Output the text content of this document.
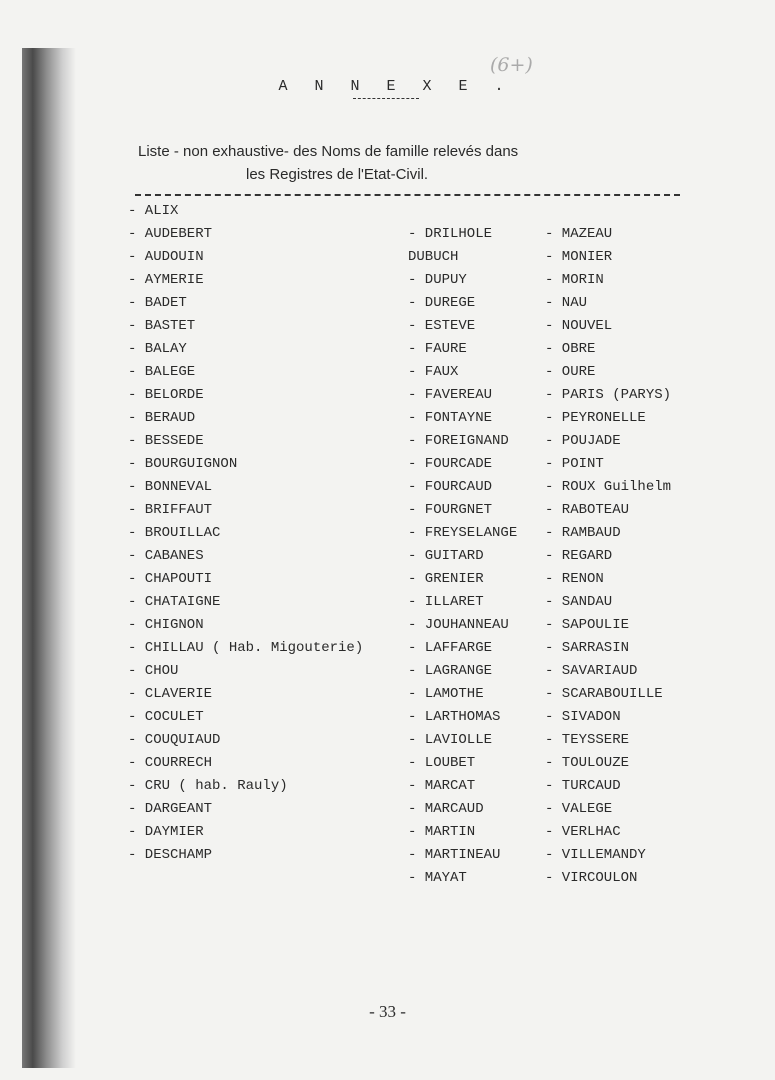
(6+)
A N N E X E .
Liste - non exhaustive- des Noms de famille relevés dans
les Registres de l'Etat-Civil.
- ALIX
- AUDEBERT
- AUDOUIN
- AYMERIE
- BADET
- BASTET
- BALAY
- BALEGE
- BELORDE
- BERAUD
- BESSEDE
- BOURGUIGNON
- BONNEVAL
- BRIFFAUT
- BROUILLAC
- CABANES
- CHAPOUTI
- CHATAIGNE
- CHIGNON
- CHILLAU ( Hab. Migouterie)
- CHOU
- CLAVERIE
- COCULET
- COUQUIAUD
- COURRECH
- CRU ( hab. Rauly)
- DARGEANT
- DAYMIER
- DESCHAMP
- DRILHOLE
DUBUCH
- DUPUY
- DUREGE
- ESTEVE
- FAURE
- FAUX
- FAVEREAU
- FONTAYNE
- FOREIGNAND
- FOURCADE
- FOURCAUD
- FOURGNET
- FREYSELANGE
- GUITARD
- GRENIER
- ILLARET
- JOUHANNEAU
- LAFFARGE
- LAGRANGE
- LAMOTHE
- LARTHOMAS
- LAVIOLLE
- LOUBET
- MARCAT
- MARCAUD
- MARTIN
- MARTINEAU
- MAYAT
- MAZEAU
- MONIER
- MORIN
- NAU
- NOUVEL
- OBRE
- OURE
- PARIS (PARYS)
- PEYRONELLE
- POUJADE
- POINT
- ROUX Guilhelm
- RABOTEAU
- RAMBAUD
- REGARD
- RENON
- SANDAU
- SAPOULIE
- SARRASIN
- SAVARIAUD
- SCARABOUILLE
- SIVADON
- TEYSSERE
- TOULOUZE
- TURCAUD
- VALEGE
- VERLHAC
- VILLEMANDY
- VIRCOULON
- 33 -
